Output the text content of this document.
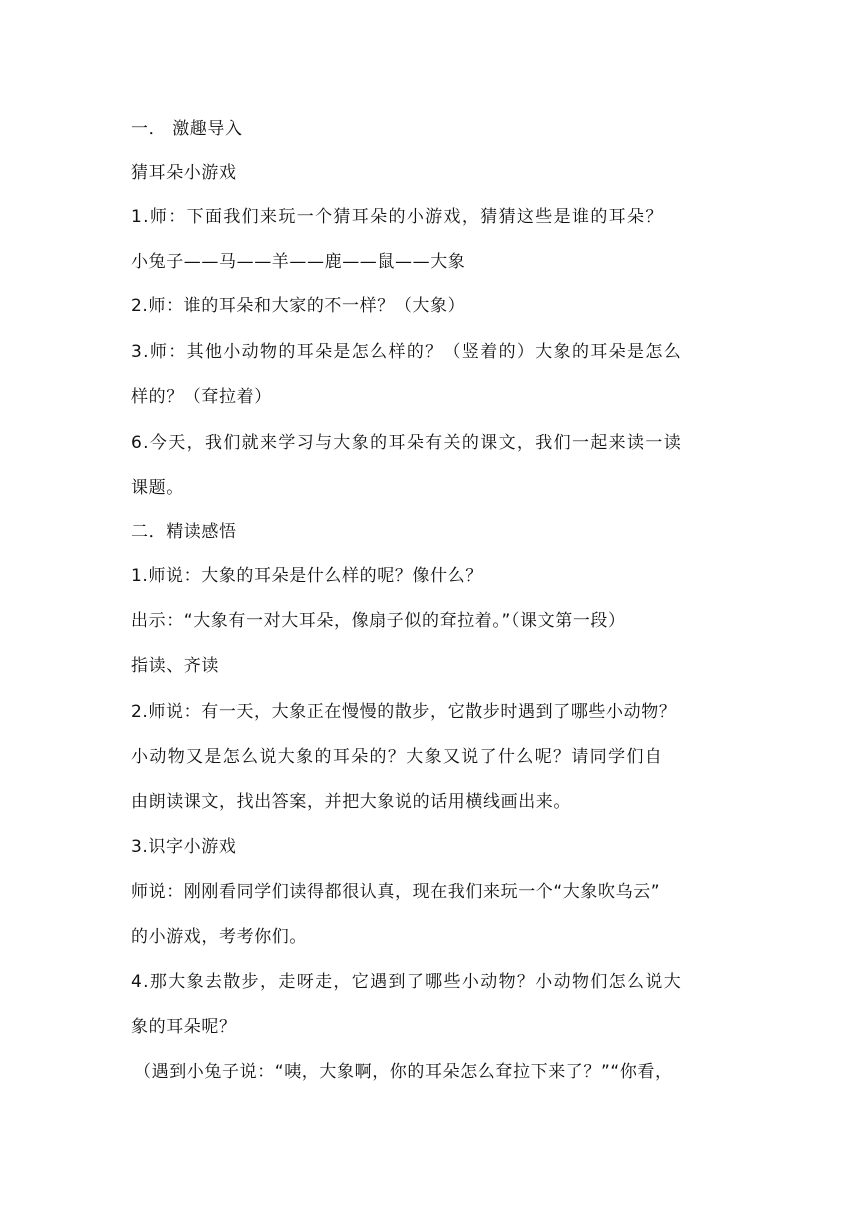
一． 激趣导入
猜耳朵小游戏
1.师：下面我们来玩一个猜耳朵的小游戏，猜猜这些是谁的耳朵？
小兔子——马——羊——鹿——鼠——大象
2.师：谁的耳朵和大家的不一样？（大象）
3.师：其他小动物的耳朵是怎么样的？（竖着的）大象的耳朵是怎么
样的？（耷拉着）
6.今天，我们就来学习与大象的耳朵有关的课文，我们一起来读一读
课题。
二．精读感悟
1.师说：大象的耳朵是什么样的呢？像什么？
出示：“大象有一对大耳朵，像扇子似的耷拉着。”（课文第一段）
指读、齐读
2.师说：有一天，大象正在慢慢的散步，它散步时遇到了哪些小动物？
小动物又是怎么说大象的耳朵的？大象又说了什么呢？请同学们自
由朗读课文，找出答案，并把大象说的话用横线画出来。
3.识字小游戏
师说：刚刚看同学们读得都很认真，现在我们来玩一个“大象吹乌云”
的小游戏，考考你们。
4.那大象去散步，走呀走，它遇到了哪些小动物？小动物们怎么说大
象的耳朵呢？
（遇到小兔子说：“咦，大象啊，你的耳朵怎么耷拉下来了？”“你看，
